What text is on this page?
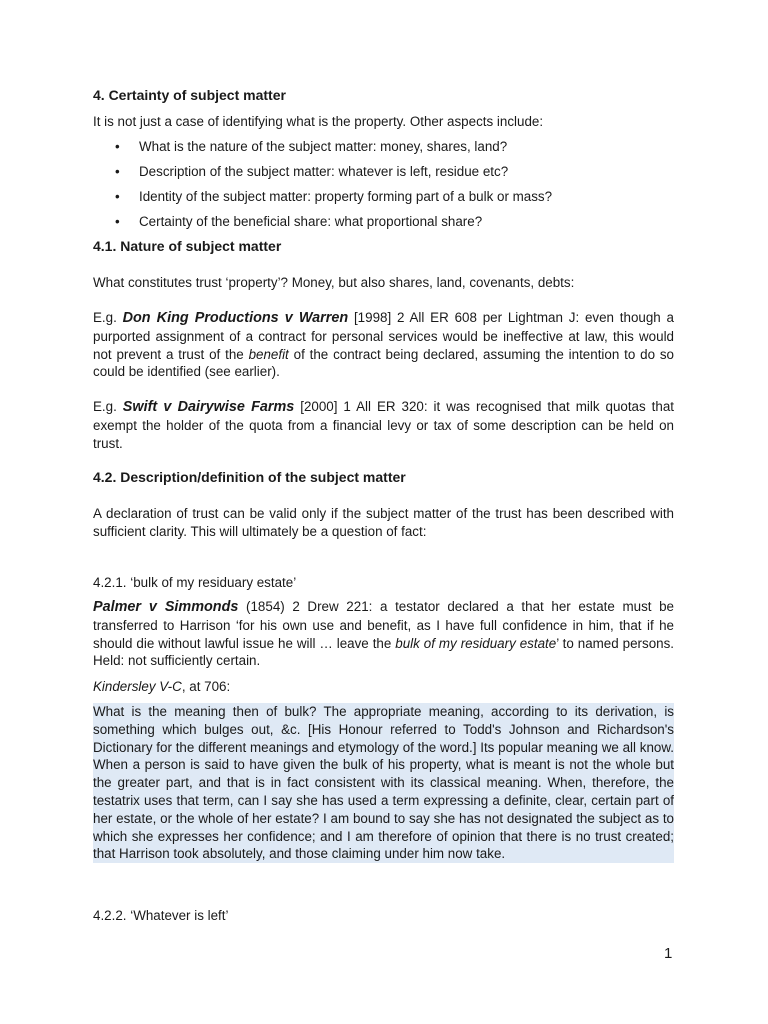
4. Certainty of subject matter

It is not just a case of identifying what is the property. Other aspects include:

• What is the nature of the subject matter: money, shares, land?
• Description of the subject matter: whatever is left, residue etc?
• Identity of the subject matter: property forming part of a bulk or mass?
• Certainty of the beneficial share: what proportional share?
4.1. Nature of subject matter

What constitutes trust ‘property’? Money, but also shares, land, covenants, debts:

E.g. Don King Productions v Warren [1998] 2 All ER 608 per Lightman J: even though a purported assignment of a contract for personal services would be ineffective at law, this would not prevent a trust of the benefit of the contract being declared, assuming the intention to do so could be identified (see earlier).

E.g. Swift v Dairywise Farms [2000] 1 All ER 320: it was recognised that milk quotas that exempt the holder of the quota from a financial levy or tax of some description can be held on trust.

4.2. Description/definition of the subject matter

A declaration of trust can be valid only if the subject matter of the trust has been described with sufficient clarity. This will ultimately be a question of fact:

4.2.1. ‘bulk of my residuary estate’

Palmer v Simmonds (1854) 2 Drew 221: a testator declared a that her estate must be transferred to Harrison ‘for his own use and benefit, as I have full confidence in him, that if he should die without lawful issue he will … leave the bulk of my residuary estate’ to named persons. Held: not sufficiently certain.

Kindersley V-C, at 706:

What is the meaning then of bulk? The appropriate meaning, according to its derivation, is something which bulges out, &c. [His Honour referred to Todd's Johnson and Richardson's Dictionary for the different meanings and etymology of the word.] Its popular meaning we all know. When a person is said to have given the bulk of his property, what is meant is not the whole but the greater part, and that is in fact consistent with its classical meaning. When, therefore, the testatrix uses that term, can I say she has used a term expressing a definite, clear, certain part of her estate, or the whole of her estate? I am bound to say she has not designated the subject as to which she expresses her confidence; and I am therefore of opinion that there is no trust created; that Harrison took absolutely, and those claiming under him now take.

4.2.2. ‘Whatever is left’

1
